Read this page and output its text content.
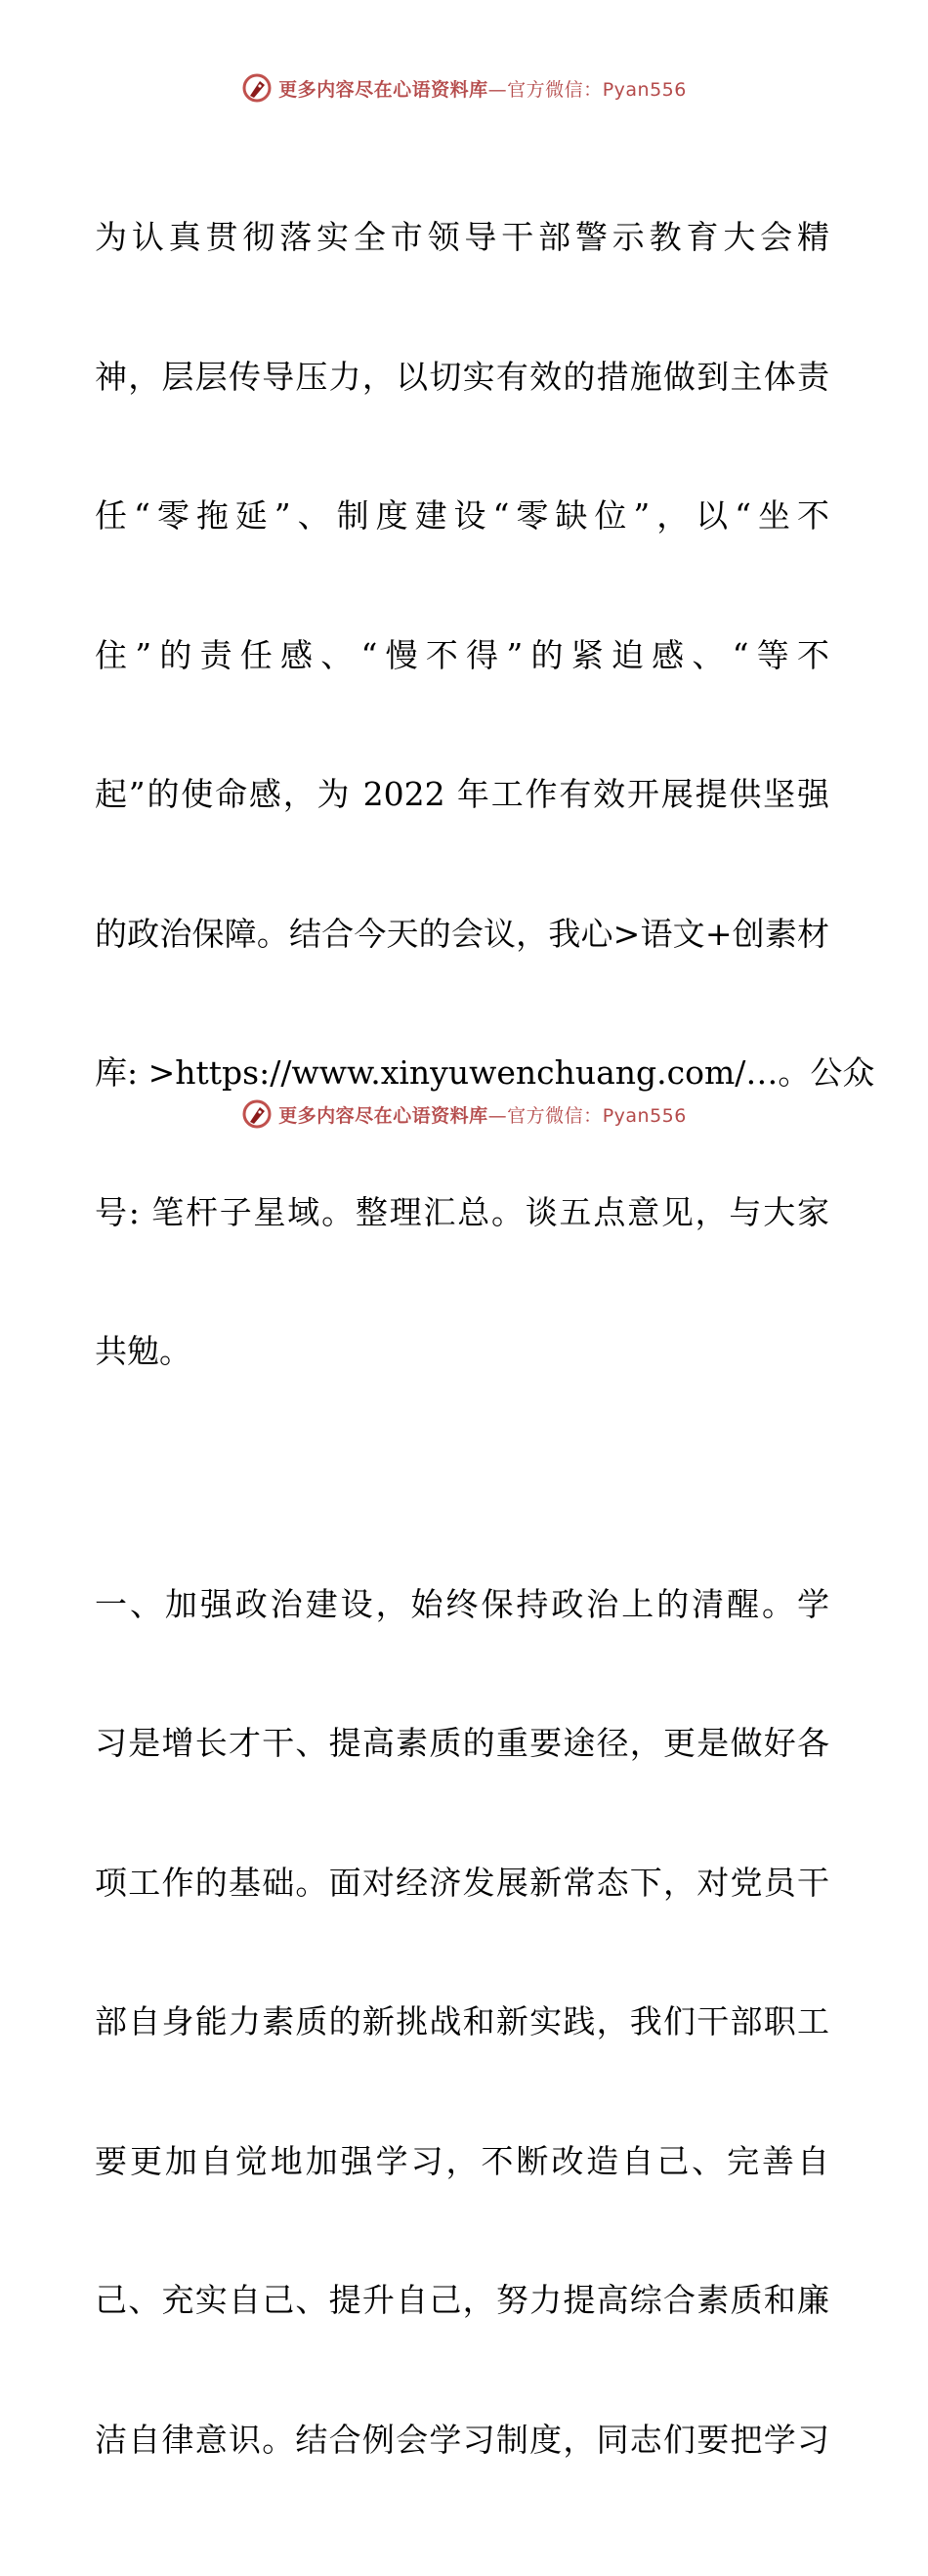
更多内容尽在心语资料库—官方微信：Pyan556

为认真贯彻落实全市领导干部警示教育大会精

神，层层传导压力，以切实有效的措施做到主体责

任“零拖延”、制度建设“零缺位”，以“坐不

住”的责任感、“慢不得”的紧迫感、“等不

起”的使命感，为 2022 年工作有效开展提供坚强

的政治保障。结合今天的会议，我心>语文+创素材

库: >https://www.xinyuwenchuang.com/…。公众

号: 笔杆子星域。整理汇总。谈五点意见，与大家

共勉。

一、加强政治建设，始终保持政治上的清醒。学

习是增长才干、提高素质的重要途径，更是做好各

项工作的基础。面对经济发展新常态下，对党员干

部自身能力素质的新挑战和新实践，我们干部职工

要更加自觉地加强学习，不断改造自己、完善自

己、充实自己、提升自己，努力提高综合素质和廉

洁自律意识。结合例会学习制度，同志们要把学习

更多内容尽在心语资料库—官方微信：Pyan556
